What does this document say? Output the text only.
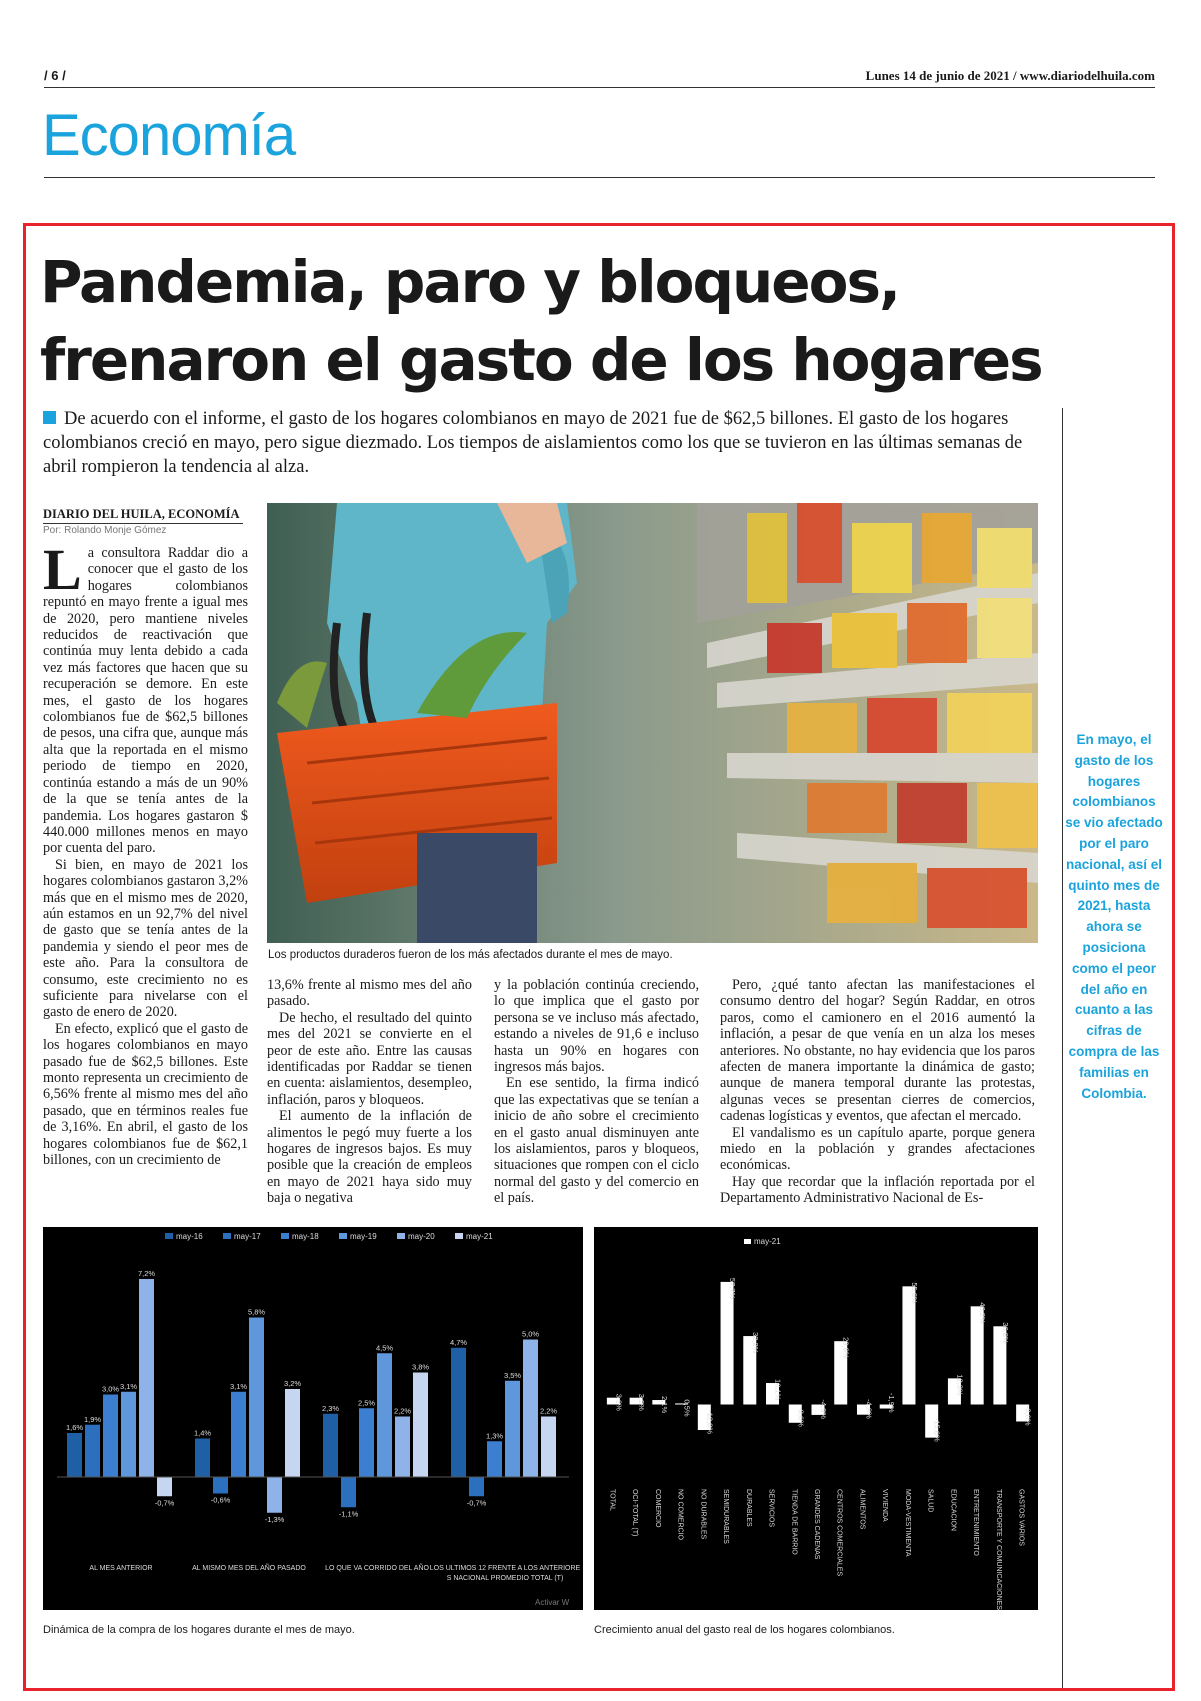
/ 6 /	Lunes 14 de junio de 2021 / www.diariodelhuila.com
Economía
Pandemia, paro y bloqueos,
frenaron el gasto de los hogares
De acuerdo con el informe, el gasto de los hogares colombianos en mayo de 2021 fue de $62,5 billones. El gasto de los hogares colombianos creció en mayo, pero sigue diezmado. Los tiempos de aislamientos como los que se tuvieron en las últimas semanas de abril rompieron la tendencia al alza.
En mayo, el gasto de los hogares colombianos se vio afectado por el paro nacional, así el quinto mes de 2021, hasta ahora se posiciona como el peor del año en cuanto a las cifras de compra de las familias en Colombia.
DIARIO DEL HUILA, ECONOMÍA
Por: Rolando Monje Gómez

La consultora Raddar dio a conocer que el gasto de los hogares colombianos repuntó en mayo frente a igual mes de 2020, pero mantiene niveles reducidos de reactivación que continúa muy lenta debido a cada vez más factores que hacen que su recuperación se demore. En este mes, el gasto de los hogares colombianos fue de $62,5 billones de pesos, una cifra que, aunque más alta que la reportada en el mismo periodo de tiempo en 2020, continúa estando a más de un 90% de la que se tenía antes de la pandemia. Los hogares gastaron $ 440.000 millones menos en mayo por cuenta del paro.

Si bien, en mayo de 2021 los hogares colombianos gastaron 3,2% más que en el mismo mes de 2020, aún estamos en un 92,7% del nivel de gasto que se tenía antes de la pandemia y siendo el peor mes de este año. Para la consultora de consumo, este crecimiento no es suficiente para nivelarse con el gasto de enero de 2020.

En efecto, explicó que el gasto de los hogares colombianos en mayo pasado fue de $62,5 billones. Este monto representa un crecimiento de 6,56% frente al mismo mes del año pasado, que en términos reales fue de 3,16%. En abril, el gasto de los hogares colombianos fue de $62,1 billones, con un crecimiento de

Los productos duraderos fueron de los más afectados durante el mes de mayo.

13,6% frente al mismo mes del año pasado.

De hecho, el resultado del quinto mes del 2021 se convierte en el peor de este año. Entre las causas identificadas por Raddar se tienen en cuenta: aislamientos, desempleo, inflación, paros y bloqueos.

El aumento de la inflación de alimentos le pegó muy fuerte a los hogares de ingresos bajos. Es muy posible que la creación de empleos en mayo de 2021 haya sido muy baja o negativa

y la población continúa creciendo, lo que implica que el gasto por persona se ve incluso más afectado, estando a niveles de 91,6 e incluso hasta un 90% en hogares con ingresos más bajos.

En ese sentido, la firma indicó que las expectativas que se tenían a inicio de año sobre el crecimiento en el gasto anual disminuyen ante los aislamientos, paros y bloqueos, situaciones que rompen con el ciclo normal del gasto y del comercio en el país.

Pero, ¿qué tanto afectan las manifestaciones el consumo dentro del hogar? Según Raddar, en otros paros, como el camionero en el 2016 aumentó la inflación, a pesar de que venía en un alza los meses anteriores. No obstante, no hay evidencia que los paros afecten de manera importante la dinámica de gasto; aunque de manera temporal durante las protestas, algunas veces se presentan cierres de comercios, cadenas logísticas y eventos, que afectan el mercado.

El vandalismo es un capítulo aparte, porque genera miedo en la población y grandes afectaciones económicas.

Hay que recordar que la inflación reportada por el Departamento Administrativo Nacional de Es-

may-16	may-17	may-18	may-19	may-20	may-21
1,6%
1,9%
3,0% 3,1%
7,2%
-0,7%
AL MES ANTERIOR
1,4%
-0,6%
3,1%
5,8%
-1,3%
3,2%
AL MISMO MES DEL AÑO PASADO
2,3%
-1,1%
2,5%
4,5%
2,2%
3,8%
LO QUE VA CORRIDO DEL AÑO
4,7%
-0,7%
1,3%
3,5%
5,0%
2,2%
LOS ULTIMOS 12 FRENTE A LOS ANTERIORE
S NACIONAL PROMEDIO TOTAL (T)
Activar W
may-21
3,2%
TOTAL
3,2%
OCI-TOTAL (T)
2,1%
COMERCIO
0,5%
NO COMERCIO
-12,0%
NO DURABLES
57,7%
SEMIDURABLES
32,2%
DURABLES
10,1%
SERVICIOS
-8,6%
TIENDA DE BARRIO
-4,9%
GRANDES CADENAS
29,8%
CENTROS COMERCIALES
-4,8%
ALIMENTOS
-1,9%
VIVIENDA
55,6%
MODA-VESTIMENTA
-15,6%
SALUD
12,3%
EDUCACION
46,2%
ENTRETENIMIENTO
36,8%
TRANSPORTE Y COMUNICACIONES
-8,0%
GASTOS VARIOS
Dinámica de la compra de los hogares durante el mes de mayo.	Crecimiento anual del gasto real de los hogares colombianos.
